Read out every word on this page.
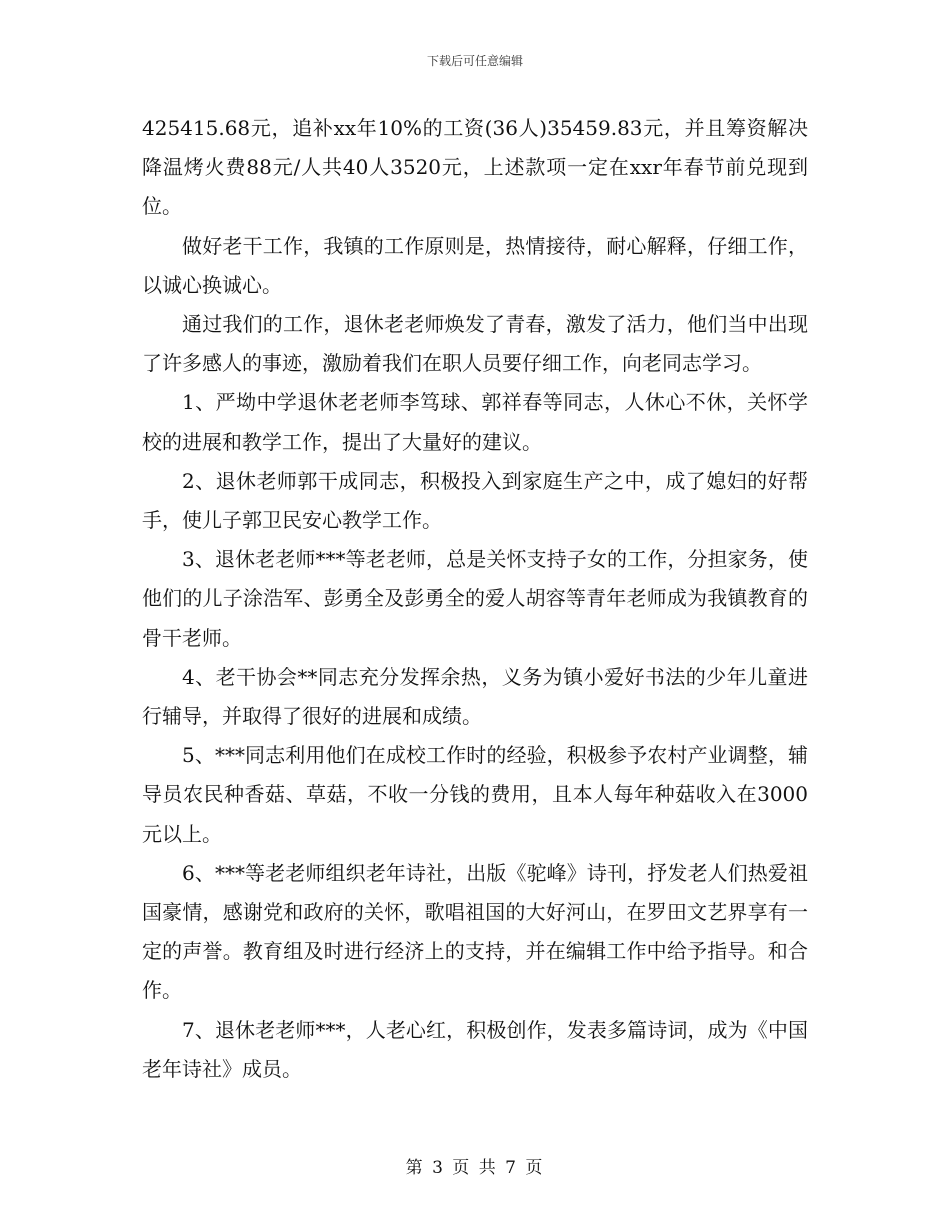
下载后可任意编辑

425415.68元，追补xx年10%的工资(36人)35459.83元，并且筹资解决降温烤火费88元/人共40人3520元，上述款项一定在xxr年春节前兑现到位。

做好老干工作，我镇的工作原则是，热情接待，耐心解释，仔细工作，以诚心换诚心。

通过我们的工作，退休老老师焕发了青春，激发了活力，他们当中出现了许多感人的事迹，激励着我们在职人员要仔细工作，向老同志学习。

1、严坳中学退休老老师李笃球、郭祥春等同志，人休心不休，关怀学校的进展和教学工作，提出了大量好的建议。

2、退休老师郭干成同志，积极投入到家庭生产之中，成了媳妇的好帮手，使儿子郭卫民安心教学工作。

3、退休老老师***等老老师，总是关怀支持子女的工作，分担家务，使他们的儿子涂浩军、彭勇全及彭勇全的爱人胡容等青年老师成为我镇教育的骨干老师。

4、老干协会**同志充分发挥余热，义务为镇小爱好书法的少年儿童进行辅导，并取得了很好的进展和成绩。

5、***同志利用他们在成校工作时的经验，积极参予农村产业调整，辅导员农民种香菇、草菇，不收一分钱的费用，且本人每年种菇收入在3000元以上。

6、***等老老师组织老年诗社，出版《驼峰》诗刊，抒发老人们热爱祖国豪情，感谢党和政府的关怀，歌唱祖国的大好河山，在罗田文艺界享有一定的声誉。教育组及时进行经济上的支持，并在编辑工作中给予指导。和合作。

7、退休老老师***，人老心红，积极创作，发表多篇诗词，成为《中国老年诗社》成员。

第 3 页 共 7 页
